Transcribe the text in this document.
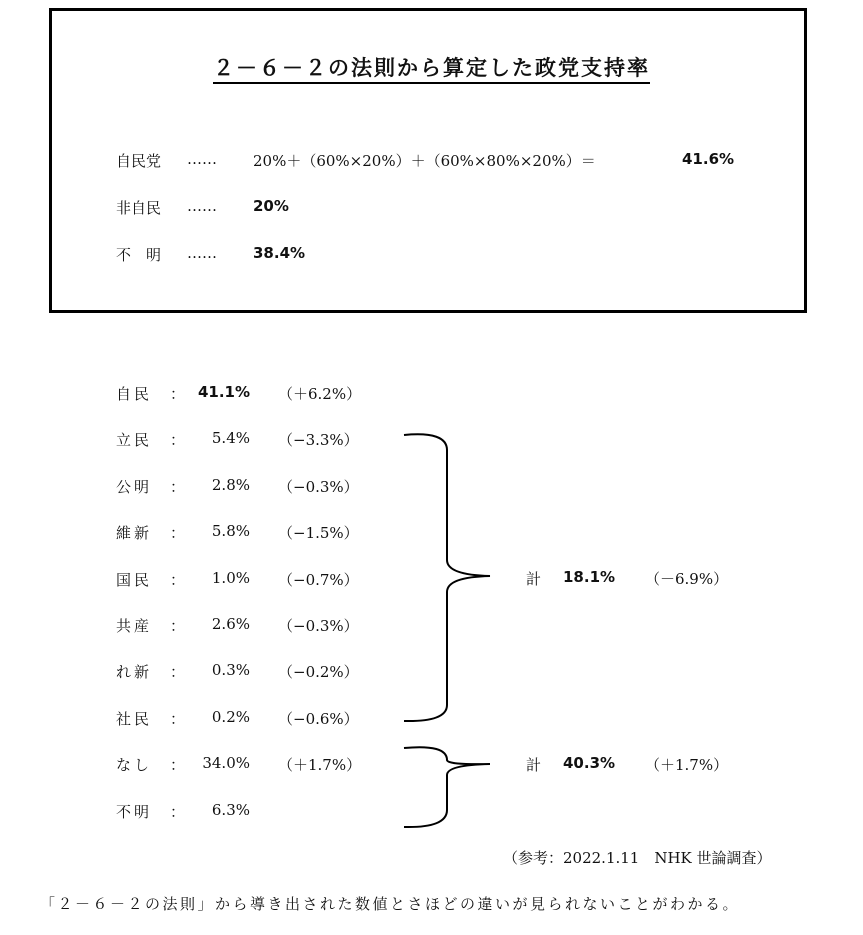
２－６－２の法則から算定した政党支持率
自民党 …… 20%＋（60%×20%）＋（60%×80%×20%）＝	41.6%
非自民 …… 20%
不　明 …… 38.4%
自民 ： 41.1% （＋6.2%）
立民 ：	5.4% （−3.3%）
公明 ：	2.8% （−0.3%）
維新 ：	5.8% （−1.5%）
国民 ：	1.0% （−0.7%）
共産 ：	2.6% （−0.3%）
れ新 ：	0.3% （−0.2%）
社民 ：	0.2% （−0.6%）
なし ： 34.0% （＋1.7%）
不明 ：	6.3%
計 18.1% （－6.9%）
計 40.3% （＋1.7%）
（参考：2022.1.11　NHK 世論調査）
「２－６－２の法則」から導き出された数値とさほどの違いが見られないことがわかる。
